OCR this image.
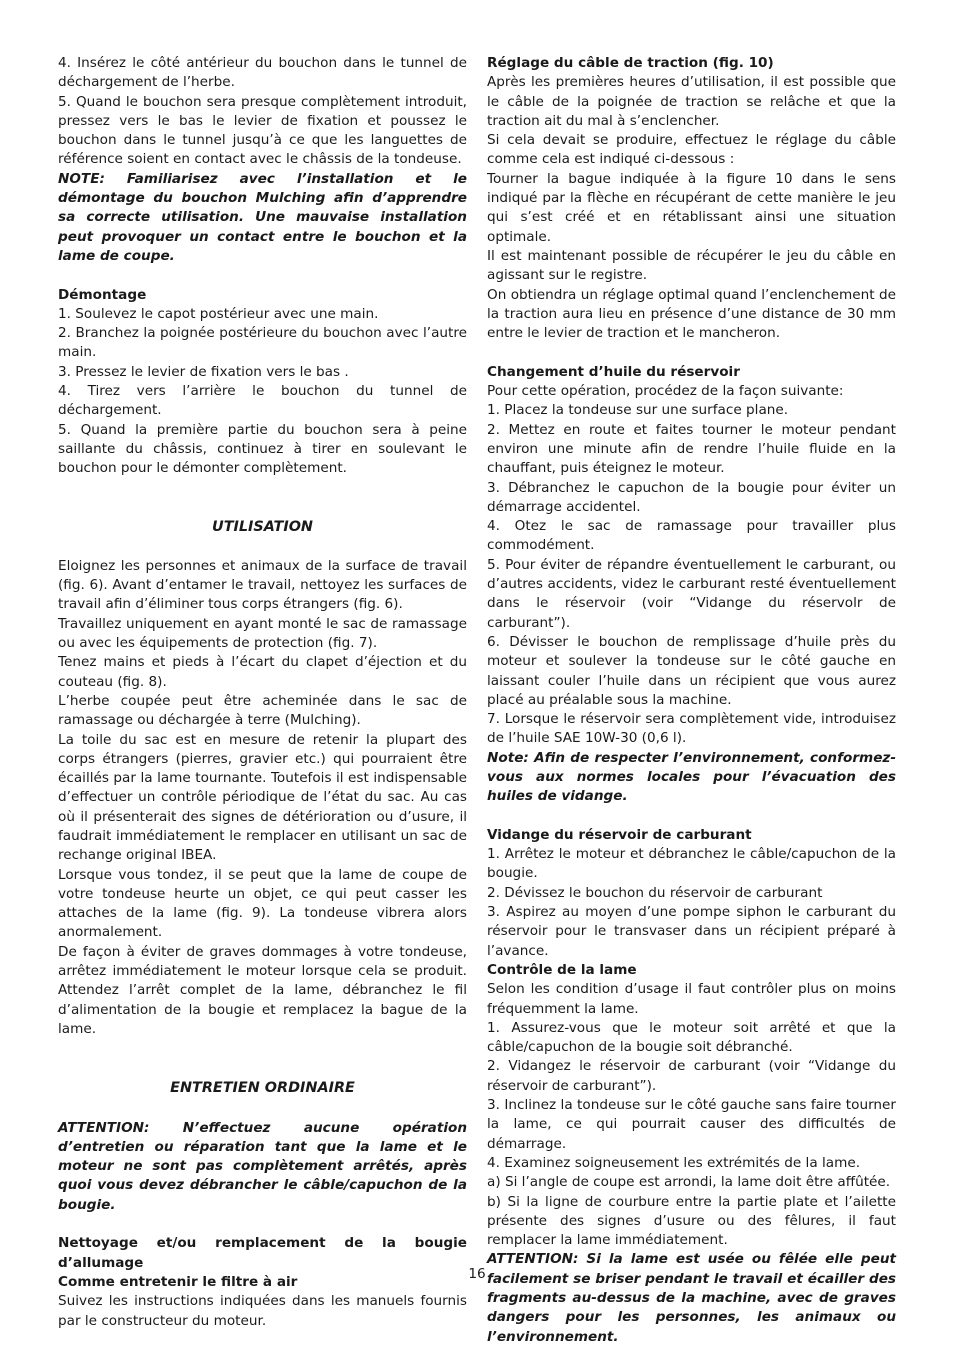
4. Insérez le côté antérieur du bouchon dans le tunnel de déchargement de l’herbe.

5. Quand le bouchon sera presque complètement introduit, pressez vers le bas le levier de fixation et poussez le bouchon dans le tunnel jusqu’à ce que les languettes de référence soient en contact avec le châssis de la tondeuse.

NOTE: Familiarisez avec l’installation et le démontage du bouchon Mulching afin d’apprendre sa correcte utilisation. Une mauvaise installation peut provoquer un contact entre le bouchon et la lame de coupe.

Démontage

1. Soulevez le capot postérieur avec une main.

2. Branchez la poignée postérieure du bouchon avec l’autre main.

3. Pressez le levier de fixation vers le bas .

4. Tirez vers l’arrière le bouchon du tunnel de déchargement.

5. Quand la première partie du bouchon sera à peine saillante du châssis, continuez à tirer en soulevant le bouchon pour le démonter complètement.

UTILISATION

Eloignez les personnes et animaux de la surface de travail (fig. 6). Avant d’entamer le travail, nettoyez les surfaces de travail afin d’éliminer tous corps étrangers (fig. 6).

Travaillez uniquement en ayant monté le sac de ramassage ou avec les équipements de protection (fig. 7).

Tenez mains et pieds à l’écart du clapet d’éjection et du couteau (fig. 8).

L’herbe coupée peut être acheminée dans le sac de ramassage ou déchargée à terre (Mulching).

La toile du sac est en mesure de retenir la plupart des corps étrangers (pierres, gravier etc.) qui pourraient être écaillés par la lame tournante. Toutefois il est indispensable d’effectuer un contrôle périodique de l’état du sac. Au cas où il présenterait des signes de détérioration ou d’usure, il faudrait immédiatement le remplacer en utilisant un sac de rechange original IBEA.

Lorsque vous tondez, il se peut que la lame de coupe de votre tondeuse heurte un objet, ce qui peut casser les attaches de la lame (fig. 9). La tondeuse vibrera alors anormalement.

De façon à éviter de graves dommages à votre tondeuse, arrêtez immédiatement le moteur lorsque cela se produit. Attendez l’arrêt complet de la lame, débranchez le fil d’alimentation de la bougie et remplacez la bague de la lame.

ENTRETIEN ORDINAIRE

ATTENTION: N’effectuez aucune opération d’entretien ou réparation tant que la lame et le moteur ne sont pas complètement arrêtés, après quoi vous devez débrancher le câble/capuchon de la bougie.

Nettoyage et/ou remplacement de la bougie d’allumage

Comme entretenir le filtre à air

Suivez les instructions indiquées dans les manuels fournis par le constructeur du moteur.

Réglage du câble de traction (fig. 10)

Après les premières heures d’utilisation, il est possible que le câble de la poignée de traction se relâche et que la traction ait du mal à s’enclencher.

Si cela devait se produire, effectuez le réglage du câble comme cela est indiqué ci-dessous :

Tourner la bague indiquée à la figure 10 dans le sens indiqué par la flèche en récupérant de cette manière le jeu qui s’est créé et en rétablissant ainsi une situation optimale.

Il est maintenant possible de récupérer le jeu du câble en agissant sur le registre.

On obtiendra un réglage optimal quand l’enclenchement de la traction aura lieu en présence d’une distance de 30 mm entre le levier de traction et le mancheron.

Changement d’huile du réservoir

Pour cette opération, procédez de la façon suivante:

1. Placez la tondeuse sur une surface plane.

2. Mettez en route et faites tourner le moteur pendant environ une minute afin de rendre l’huile fluide en la chauffant, puis éteignez le moteur.

3. Débranchez le capuchon de la bougie pour éviter un démarrage accidentel.

4. Otez le sac de ramassage pour travailler plus commodément.

5. Pour éviter de répandre éventuellement le carburant, ou d’autres accidents, videz le carburant resté éventuellement dans le réservoir (voir “Vidange du réservolr de carburant”).

6. Dévisser le bouchon de remplissage d’huile près du moteur et soulever la tondeuse sur le côté gauche en laissant couler l’huile dans un récipient que vous aurez placé au préalable sous la machine.

7. Lorsque le réservoir sera complètement vide, introduisez de l’huile SAE 10W-30 (0,6 l).

Note: Afin de respecter l’environnement, conformez-vous aux normes locales pour l’évacuation des huiles de vidange.

Vidange du réservoir de carburant

1. Arrêtez le moteur et débranchez le câble/capuchon de la bougie.

2. Dévissez le bouchon du réservoir de carburant

3. Aspirez au moyen d’une pompe siphon le carburant du réservoir pour le transvaser dans un récipient préparé à l’avance.

Contrôle de la lame

Selon les condition d’usage il faut contrôler plus on moins fréquemment la lame.

1. Assurez-vous que le moteur soit arrêté et que la câble/capuchon de la bougie soit débranché.

2. Vidangez le réservoir de carburant (voir “Vidange du réservoir de carburant”).

3. Inclinez la tondeuse sur le côté gauche sans faire tourner la lame, ce qui pourrait causer des difficultés de démarrage.

4. Examinez soigneusement les extrémités de la lame.

a) Si l’angle de coupe est arrondi, la lame doit être affûtée.

b) Si la ligne de courbure entre la partie plate et l’ailette présente des signes d’usure ou des fêlures, il faut remplacer la lame immédiatement.

ATTENTION: Si la lame est usée ou fêlée elle peut facilement se briser pendant le travail et écailler des fragments au-dessus de la machine, avec de graves dangers pour les personnes, les animaux ou l’environnement.

16
